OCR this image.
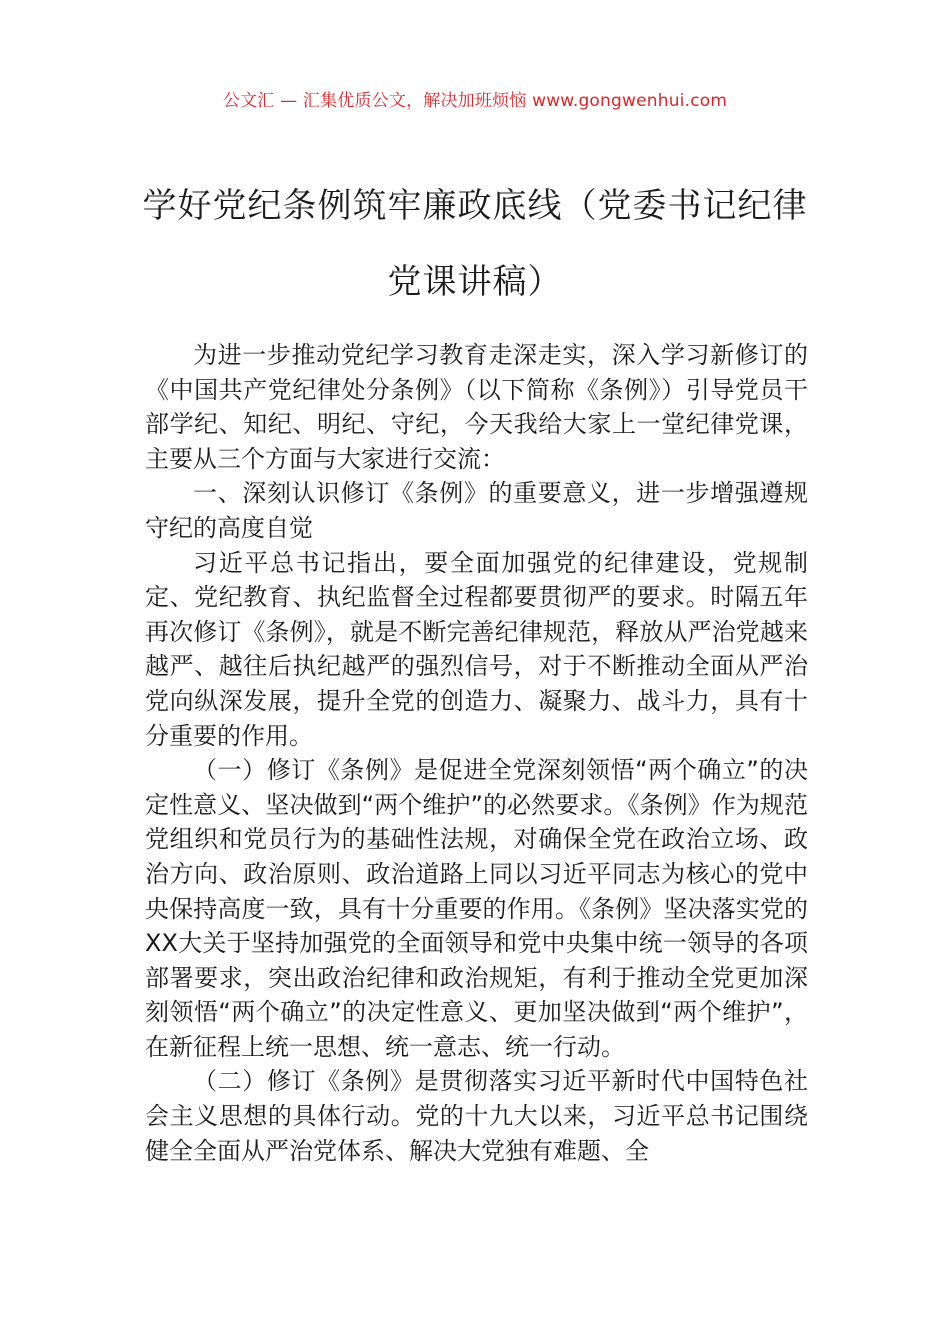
公文汇 — 汇集优质公文，解决加班烦恼 www.gongwenhui.com
学好党纪条例筑牢廉政底线（党委书记纪律党课讲稿）

为进一步推动党纪学习教育走深走实，深入学习新修订的《中国共产党纪律处分条例》（以下简称《条例》）引导党员干部学纪、知纪、明纪、守纪，今天我给大家上一堂纪律党课，主要从三个方面与大家进行交流：

一、深刻认识修订《条例》的重要意义，进一步增强遵规守纪的高度自觉

习近平总书记指出，要全面加强党的纪律建设，党规制定、党纪教育、执纪监督全过程都要贯彻严的要求。时隔五年再次修订《条例》，就是不断完善纪律规范，释放从严治党越来越严、越往后执纪越严的强烈信号，对于不断推动全面从严治党向纵深发展，提升全党的创造力、凝聚力、战斗力，具有十分重要的作用。

（一）修订《条例》是促进全党深刻领悟“两个确立”的决定性意义、坚决做到“两个维护”的必然要求。《条例》作为规范党组织和党员行为的基础性法规，对确保全党在政治立场、政治方向、政治原则、政治道路上同以习近平同志为核心的党中央保持高度一致，具有十分重要的作用。《条例》坚决落实党的XX大关于坚持加强党的全面领导和党中央集中统一领导的各项部署要求，突出政治纪律和政治规矩，有利于推动全党更加深刻领悟“两个确立”的决定性意义、更加坚决做到“两个维护”，在新征程上统一思想、统一意志、统一行动。

（二）修订《条例》是贯彻落实习近平新时代中国特色社会主义思想的具体行动。党的十九大以来，习近平总书记围绕健全全面从严治党体系、解决大党独有难题、全
